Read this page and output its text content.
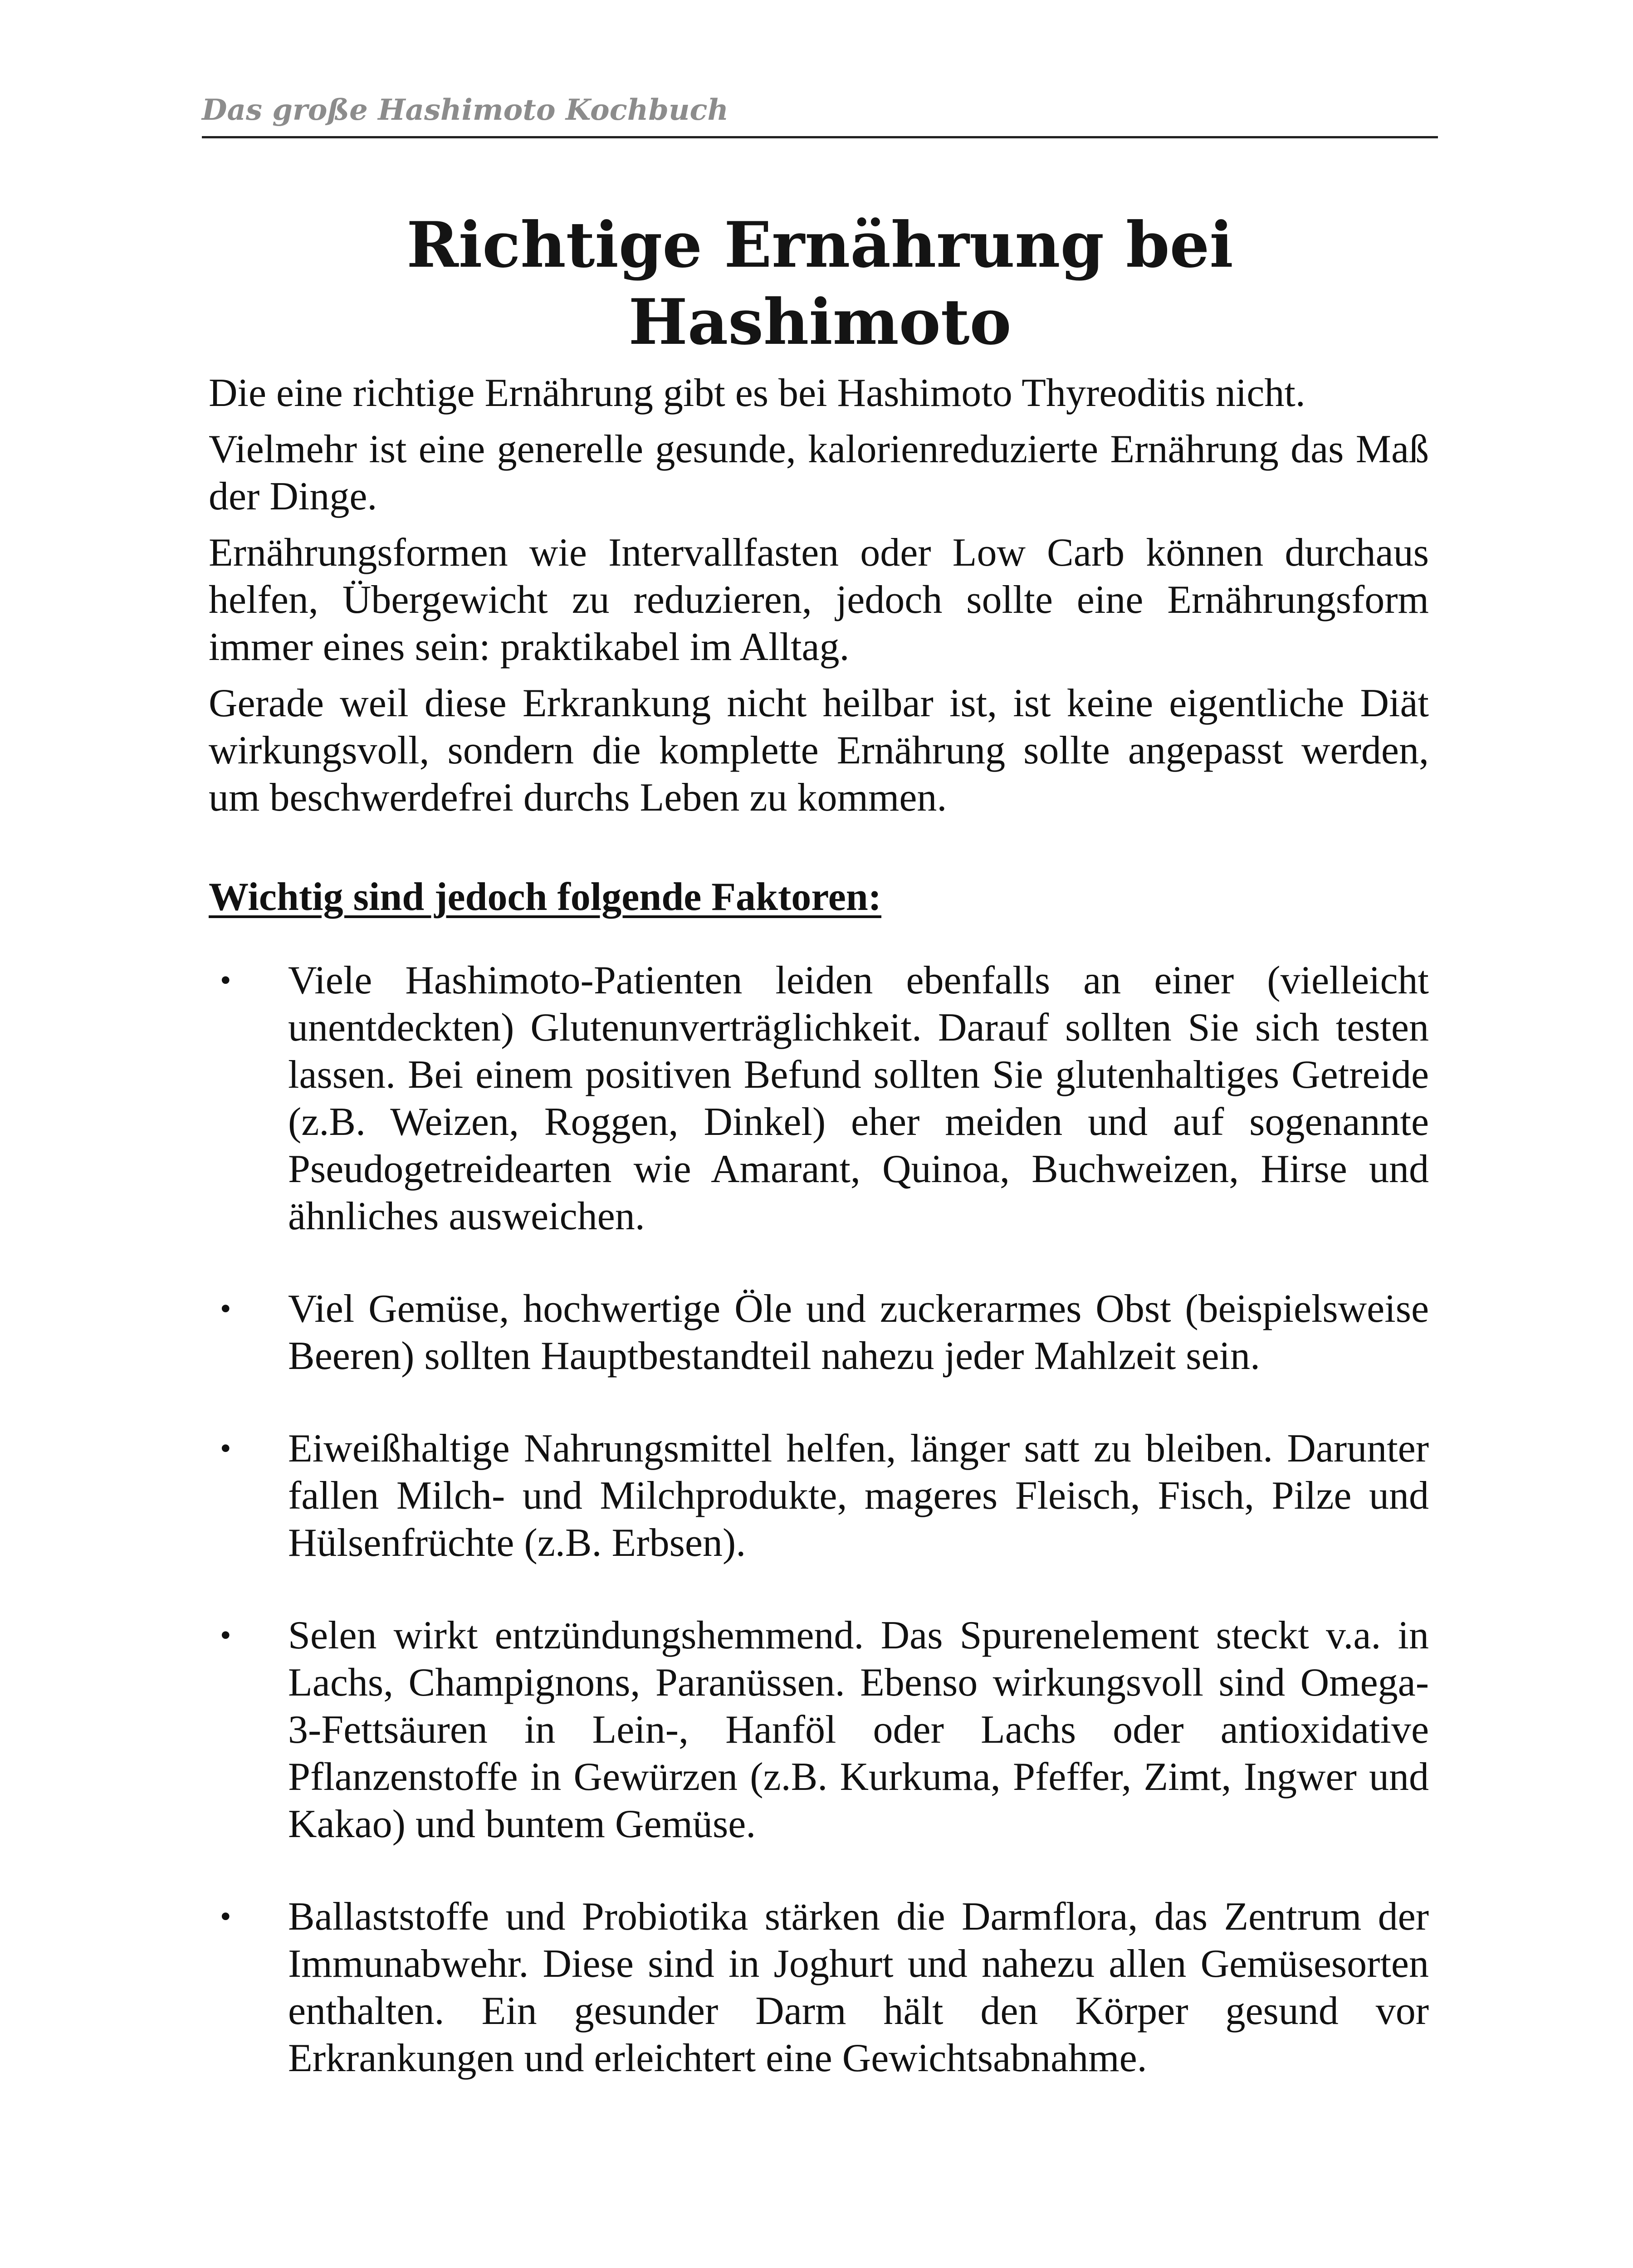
Das große Hashimoto Kochbuch
Richtige Ernährung bei
Hashimoto

Die eine richtige Ernährung gibt es bei Hashimoto Thyreoditis nicht.

Vielmehr ist eine generelle gesunde, kalorienreduzierte Ernährung das Maß der Dinge.

Ernährungsformen wie Intervallfasten oder Low Carb können durchaus helfen, Übergewicht zu reduzieren, jedoch sollte eine Ernährungsform immer eines sein: praktikabel im Alltag.

Gerade weil diese Erkrankung nicht heilbar ist, ist keine eigentliche Diät wirkungsvoll, sondern die komplette Ernährung sollte angepasst werden, um beschwerdefrei durchs Leben zu kommen.

Wichtig sind jedoch folgende Faktoren:

• Viele Hashimoto-Patienten leiden ebenfalls an einer (vielleicht unentdeckten) Glutenunverträglichkeit. Darauf sollten Sie sich testen lassen. Bei einem positiven Befund sollten Sie glutenhaltiges Getreide (z.B. Weizen, Roggen, Dinkel) eher meiden und auf sogenannte Pseudogetreidearten wie Amarant, Quinoa, Buchweizen, Hirse und ähnliches ausweichen.
• Viel Gemüse, hochwertige Öle und zuckerarmes Obst (beispielsweise Beeren) sollten Hauptbestandteil nahezu jeder Mahlzeit sein.
• Eiweißhaltige Nahrungsmittel helfen, länger satt zu bleiben. Darunter fallen Milch- und Milchprodukte, mageres Fleisch, Fisch, Pilze und Hülsenfrüchte (z.B. Erbsen).
• Selen wirkt entzündungshemmend. Das Spurenelement steckt v.a. in Lachs, Champignons, Paranüssen. Ebenso wirkungsvoll sind Omega-3-Fettsäuren in Lein-, Hanföl oder Lachs oder antioxidative Pflanzenstoffe in Gewürzen (z.B. Kurkuma, Pfeffer, Zimt, Ingwer und Kakao) und buntem Gemüse.
• Ballaststoffe und Probiotika stärken die Darmflora, das Zentrum der Immunabwehr. Diese sind in Joghurt und nahezu allen Gemüsesorten enthalten. Ein gesunder Darm hält den Körper gesund vor Erkrankungen und erleichtert eine Gewichtsabnahme.
